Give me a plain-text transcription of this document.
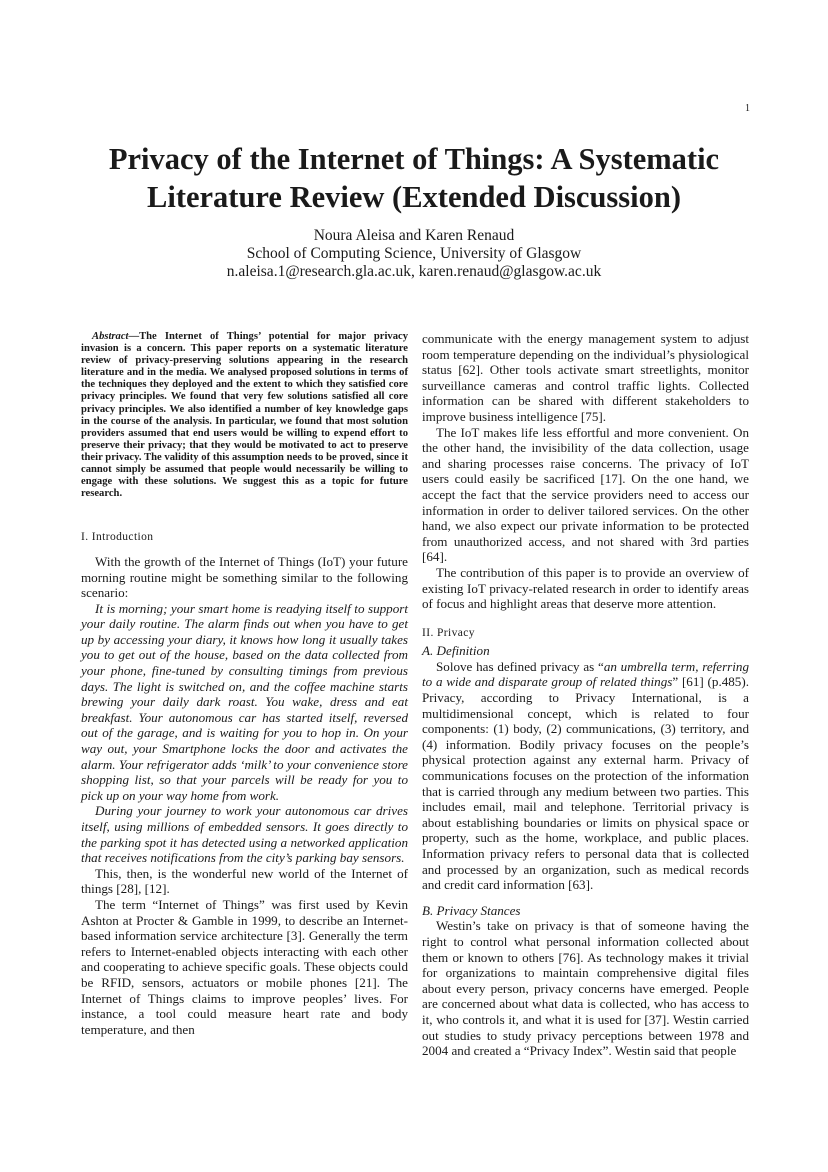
1
Privacy of the Internet of Things: A Systematic Literature Review (Extended Discussion)
Noura Aleisa and Karen Renaud
School of Computing Science, University of Glasgow
n.aleisa.1@research.gla.ac.uk, karen.renaud@glasgow.ac.uk

Abstract—The Internet of Things’ potential for major privacy invasion is a concern. This paper reports on a systematic literature review of privacy-preserving solutions appearing in the research literature and in the media. We analysed proposed solutions in terms of the techniques they deployed and the extent to which they satisfied core privacy principles. We found that very few solutions satisfied all core privacy principles. We also identified a number of key knowledge gaps in the course of the analysis. In particular, we found that most solution providers assumed that end users would be willing to expend effort to preserve their privacy; that they would be motivated to act to preserve their privacy. The validity of this assumption needs to be proved, since it cannot simply be assumed that people would necessarily be willing to engage with these solutions. We suggest this as a topic for future research.

I. Introduction

With the growth of the Internet of Things (IoT) your future morning routine might be something similar to the following scenario:

It is morning; your smart home is readying itself to support your daily routine. The alarm finds out when you have to get up by accessing your diary, it knows how long it usually takes you to get out of the house, based on the data collected from your phone, fine-tuned by consulting timings from previous days. The light is switched on, and the coffee machine starts brewing your daily dark roast. You wake, dress and eat breakfast. Your autonomous car has started itself, reversed out of the garage, and is waiting for you to hop in. On your way out, your Smartphone locks the door and activates the alarm. Your refrigerator adds ‘milk’ to your convenience store shopping list, so that your parcels will be ready for you to pick up on your way home from work.

During your journey to work your autonomous car drives itself, using millions of embedded sensors. It goes directly to the parking spot it has detected using a networked application that receives notifications from the city’s parking bay sensors.

This, then, is the wonderful new world of the Internet of things [28], [12].

The term “Internet of Things” was first used by Kevin Ashton at Procter & Gamble in 1999, to describe an Internet-based information service architecture [3]. Generally the term refers to Internet-enabled objects interacting with each other and cooperating to achieve specific goals. These objects could be RFID, sensors, actuators or mobile phones [21]. The Internet of Things claims to improve peoples’ lives. For instance, a tool could measure heart rate and body temperature, and then

communicate with the energy management system to adjust room temperature depending on the individual’s physiological status [62]. Other tools activate smart streetlights, monitor surveillance cameras and control traffic lights. Collected information can be shared with different stakeholders to improve business intelligence [75].

The IoT makes life less effortful and more convenient. On the other hand, the invisibility of the data collection, usage and sharing processes raise concerns. The privacy of IoT users could easily be sacrificed [17]. On the one hand, we accept the fact that the service providers need to access our information in order to deliver tailored services. On the other hand, we also expect our private information to be protected from unauthorized access, and not shared with 3rd parties [64].

The contribution of this paper is to provide an overview of existing IoT privacy-related research in order to identify areas of focus and highlight areas that deserve more attention.

II. Privacy

A. Definition

Solove has defined privacy as “an umbrella term, referring to a wide and disparate group of related things” [61] (p.485). Privacy, according to Privacy International, is a multidimensional concept, which is related to four components: (1) body, (2) communications, (3) territory, and (4) information. Bodily privacy focuses on the people’s physical protection against any external harm. Privacy of communications focuses on the protection of the information that is carried through any medium between two parties. This includes email, mail and telephone. Territorial privacy is about establishing boundaries or limits on physical space or property, such as the home, workplace, and public places. Information privacy refers to personal data that is collected and processed by an organization, such as medical records and credit card information [63].

B. Privacy Stances

Westin’s take on privacy is that of someone having the right to control what personal information collected about them or known to others [76]. As technology makes it trivial for organizations to maintain comprehensive digital files about every person, privacy concerns have emerged. People are concerned about what data is collected, who has access to it, who controls it, and what it is used for [37]. Westin carried out studies to study privacy perceptions between 1978 and 2004 and created a “Privacy Index”. Westin said that people
